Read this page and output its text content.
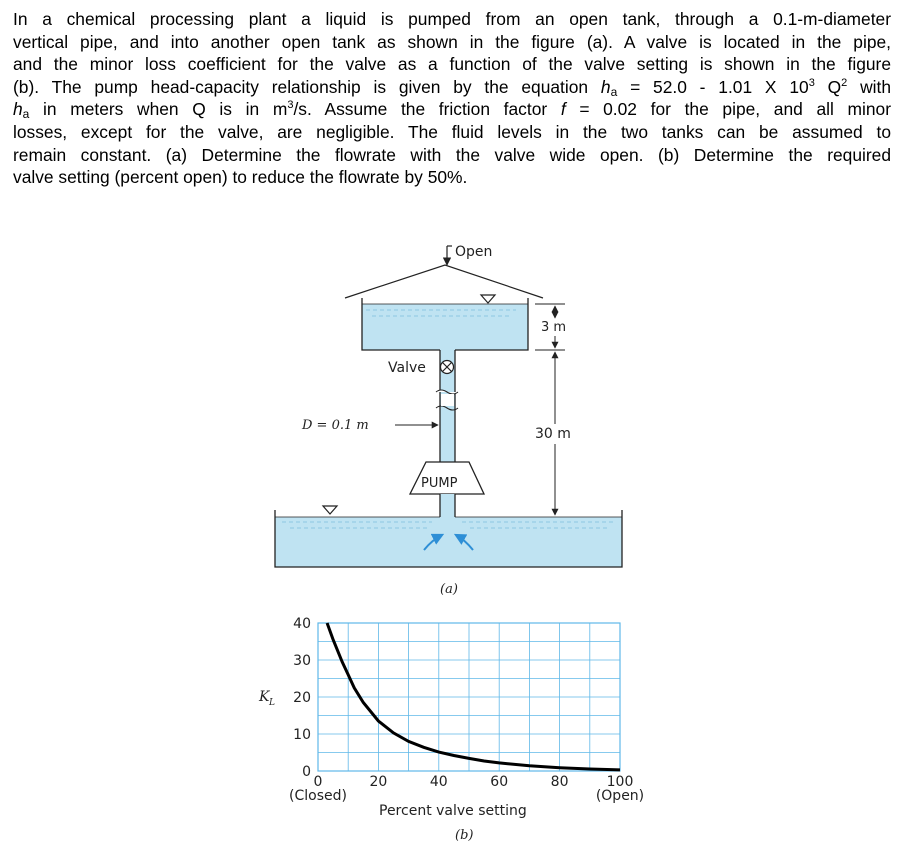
In a chemical processing plant a liquid is pumped from an open tank, through a 0.1-m-diameter
vertical pipe, and into another open tank as shown in the figure (a). A valve is located in the pipe,
and the minor loss coefficient for the valve as a function of the valve setting is shown in the figure
(b). The pump head-capacity relationship is given by the equation $h_a = 52.0 - 1.01$ X $10^3$ $Q^2$ with
$h_a$ in meters when Q is in $m^3/s$. Assume the friction factor f = 0.02 for the pipe, and all minor
losses, except for the valve, are negligible. The fluid levels in the two tanks can be assumed to
remain constant. (a) Determine the flowrate with the valve wide open. (b) Determine the required
valve setting (percent open) to reduce the flowrate by 50%.

Open
Valve
D = 0.1 m
PUMP
3 m
30 m
(a)
0
10
20
30
40
0
(Closed)
20	40	60	80	100
(Open)
K L
Percent valve setting
(b)
